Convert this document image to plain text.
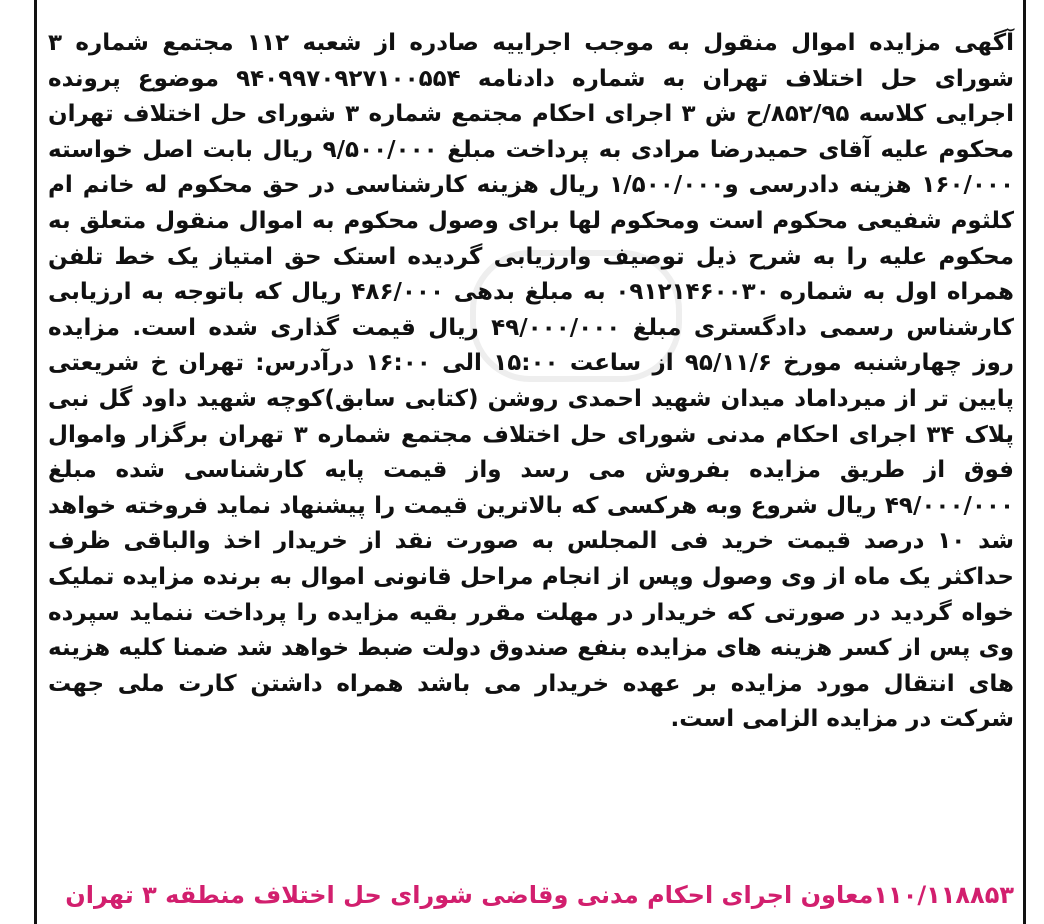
آگهی مزایده اموال منقول به موجب اجراییه صادره از شعبه ۱۱۲ مجتمع شماره ۳ شورای حل اختلاف تهران به شماره دادنامه ۹۴۰۹۹۷۰۹۲۷۱۰۰۵۵۴ موضوع پرونده اجرایی کلاسه ۸۵۲/۹۵/ح ش ۳ اجرای احکام مجتمع شماره ۳ شورای حل اختلاف تهران محکوم علیه آقای حمیدرضا مرادی به پرداخت مبلغ ۹/۵۰۰/۰۰۰ ریال بابت اصل خواسته ۱۶۰/۰۰۰ هزینه دادرسی و۱/۵۰۰/۰۰۰ ریال هزینه کارشناسی در حق محکوم له خانم ام کلثوم شفیعی محکوم است ومحکوم لها برای وصول محکوم به اموال منقول متعلق به محکوم علیه را به شرح ذیل توصیف وارزیابی گردیده استک حق امتیاز یک خط تلفن همراه اول به شماره ۰۹۱۲۱۴۶۰۰۳۰ به مبلغ بدهی ۴۸۶/۰۰۰ ریال که باتوجه به ارزیابی کارشناس رسمی دادگستری مبلغ ۴۹/۰۰۰/۰۰۰ ریال قیمت گذاری شده است. مزایده روز چهارشنبه مورخ ۹۵/۱۱/۶ از ساعت ۱۵:۰۰ الی ۱۶:۰۰ درآدرس: تهران خ شریعتی پایین تر از میرداماد میدان شهید احمدی روشن (کتابی سابق)کوچه شهید داود گل نبی پلاک ۳۴ اجرای احکام مدنی شورای حل اختلاف مجتمع شماره ۳ تهران برگزار واموال فوق از طریق مزایده بفروش می رسد واز قیمت پایه کارشناسی شده مبلغ ۴۹/۰۰۰/۰۰۰ ریال شروع وبه هرکسی که بالاترین قیمت را پیشنهاد نماید فروخته خواهد شد ۱۰ درصد قیمت خرید فی المجلس به صورت نقد از خریدار اخذ والباقی ظرف حداکثر یک ماه از وی وصول وپس از انجام مراحل قانونی اموال به برنده مزایده تملیک خواه گردید در صورتی که خریدار در مهلت مقرر بقیه مزایده را پرداخت ننماید سپرده وی پس از کسر هزینه های مزایده بنفع صندوق دولت ضبط خواهد شد ضمنا کلیه هزینه های انتقال مورد مزایده بر عهده خریدار می باشد همراه داشتن کارت ملی جهت شرکت در مزایده الزامی است.

۱۱۰/۱۱۸۸۵۳معاون اجرای احکام مدنی وقاضی شورای حل اختلاف منطقه ۳ تهران
